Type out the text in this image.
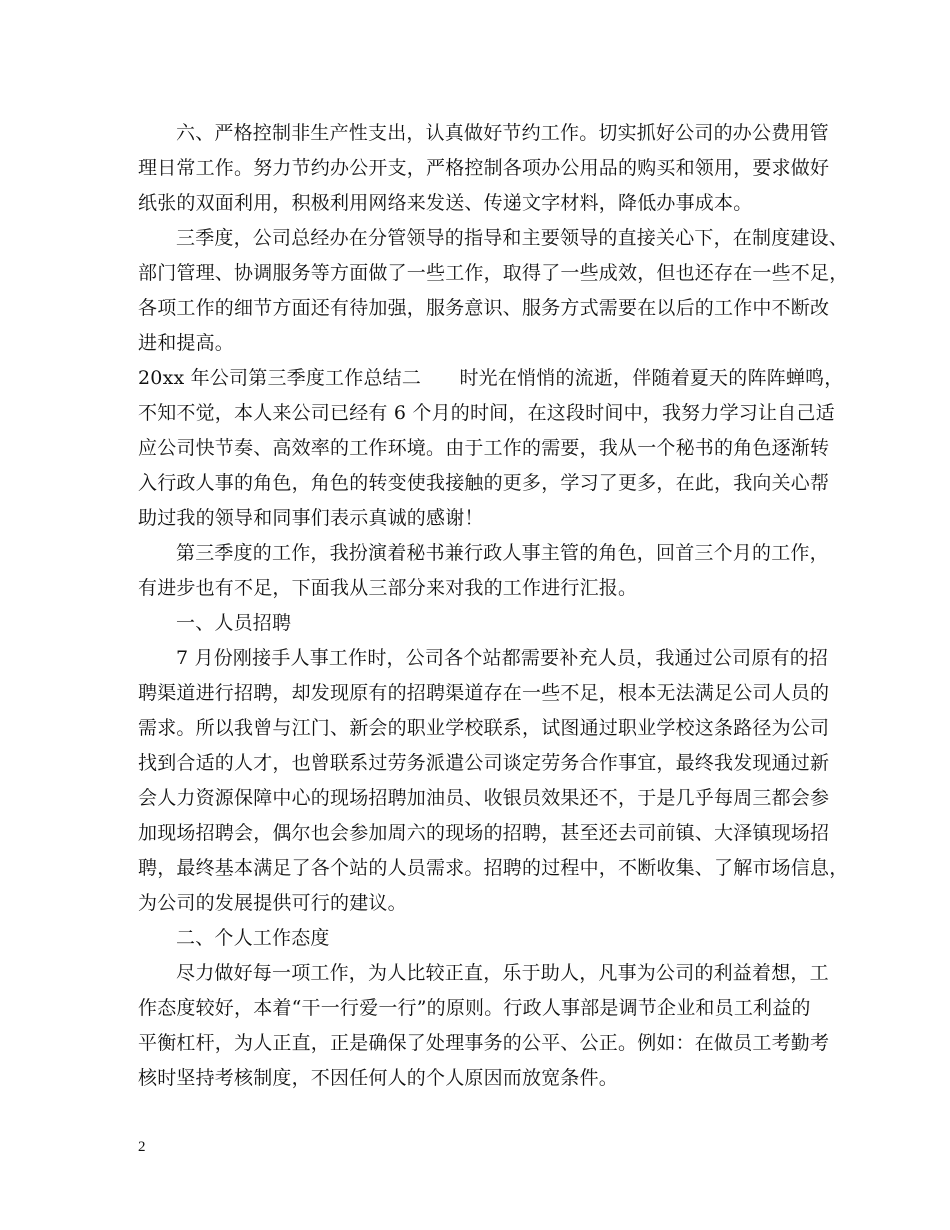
六、严格控制非生产性支出，认真做好节约工作。切实抓好公司的办公费用管
理日常工作。努力节约办公开支，严格控制各项办公用品的购买和领用，要求做好
纸张的双面利用，积极利用网络来发送、传递文字材料，降低办事成本。
三季度，公司总经办在分管领导的指导和主要领导的直接关心下，在制度建设、
部门管理、协调服务等方面做了一些工作，取得了一些成效，但也还存在一些不足，
各项工作的细节方面还有待加强，服务意识、服务方式需要在以后的工作中不断改
进和提高。
20xx 年公司第三季度工作总结二　　时光在悄悄的流逝，伴随着夏天的阵阵蝉鸣，
不知不觉，本人来公司已经有 6 个月的时间，在这段时间中，我努力学习让自己适
应公司快节奏、高效率的工作环境。由于工作的需要，我从一个秘书的角色逐渐转
入行政人事的角色，角色的转变使我接触的更多，学习了更多，在此，我向关心帮
助过我的领导和同事们表示真诚的感谢！
第三季度的工作，我扮演着秘书兼行政人事主管的角色，回首三个月的工作，
有进步也有不足，下面我从三部分来对我的工作进行汇报。
一、人员招聘
7 月份刚接手人事工作时，公司各个站都需要补充人员，我通过公司原有的招
聘渠道进行招聘，却发现原有的招聘渠道存在一些不足，根本无法满足公司人员的
需求。所以我曾与江门、新会的职业学校联系，试图通过职业学校这条路径为公司
找到合适的人才，也曾联系过劳务派遣公司谈定劳务合作事宜，最终我发现通过新
会人力资源保障中心的现场招聘加油员、收银员效果还不，于是几乎每周三都会参
加现场招聘会，偶尔也会参加周六的现场的招聘，甚至还去司前镇、大泽镇现场招
聘，最终基本满足了各个站的人员需求。招聘的过程中，不断收集、了解市场信息，
为公司的发展提供可行的建议。
二、个人工作态度
尽力做好每一项工作，为人比较正直，乐于助人，凡事为公司的利益着想，工
作态度较好，本着“干一行爱一行”的原则。行政人事部是调节企业和员工利益的
平衡杠杆，为人正直，正是确保了处理事务的公平、公正。例如：在做员工考勤考
核时坚持考核制度，不因任何人的个人原因而放宽条件。
2
